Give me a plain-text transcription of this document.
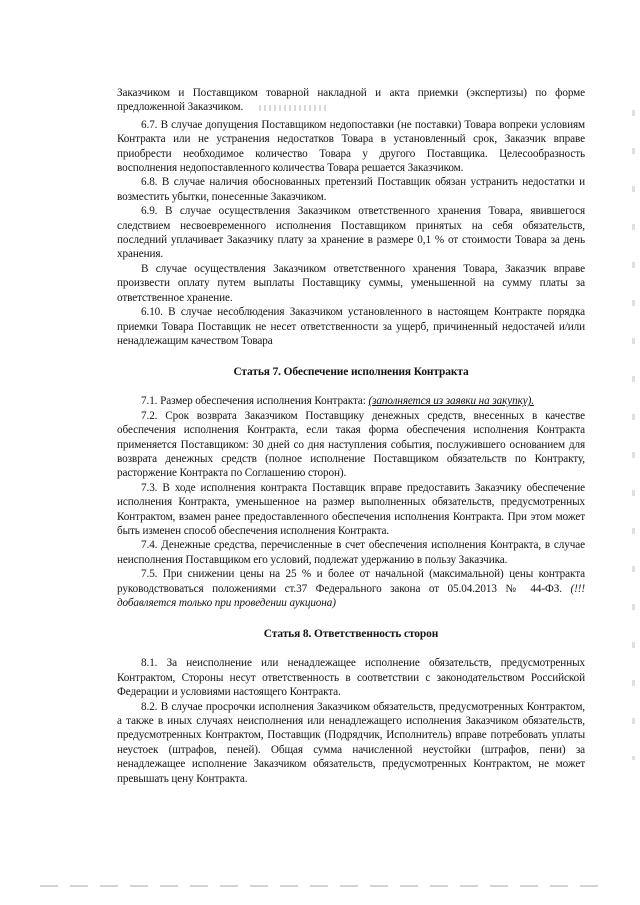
Заказчиком и Поставщиком товарной накладной и акта приемки (экспертизы) по форме предложенной Заказчиком.

6.7. В случае допущения Поставщиком недопоставки (не поставки) Товара вопреки условиям Контракта или не устранения недостатков Товара в установленный срок, Заказчик вправе приобрести необходимое количество Товара у другого Поставщика. Целесообразность восполнения недопоставленного количества Товара решается Заказчиком.

6.8. В случае наличия обоснованных претензий Поставщик обязан устранить недостатки и возместить убытки, понесенные Заказчиком.

6.9. В случае осуществления Заказчиком ответственного хранения Товара, явившегося следствием несвоевременного исполнения Поставщиком принятых на себя обязательств, последний уплачивает Заказчику плату за хранение в размере 0,1 % от стоимости Товара за день хранения.

В случае осуществления Заказчиком ответственного хранения Товара, Заказчик вправе произвести оплату путем выплаты Поставщику суммы, уменьшенной на сумму платы за ответственное хранение.

6.10. В случае несоблюдения Заказчиком установленного в настоящем Контракте порядка приемки Товара Поставщик не несет ответственности за ущерб, причиненный недостачей и/или ненадлежащим качеством Товара

Статья 7. Обеспечение исполнения Контракта

7.1. Размер обеспечения исполнения Контракта: (заполняется из заявки на закупку).

7.2. Срок возврата Заказчиком Поставщику денежных средств, внесенных в качестве обеспечения исполнения Контракта, если такая форма обеспечения исполнения Контракта применяется Поставщиком: 30 дней со дня наступления события, послужившего основанием для возврата денежных средств (полное исполнение Поставщиком обязательств по Контракту, расторжение Контракта по Соглашению сторон).

7.3. В ходе исполнения контракта Поставщик вправе предоставить Заказчику обеспечение исполнения Контракта, уменьшенное на размер выполненных обязательств, предусмотренных Контрактом, взамен ранее предоставленного обеспечения исполнения Контракта. При этом может быть изменен способ обеспечения исполнения Контракта.

7.4. Денежные средства, перечисленные в счет обеспечения исполнения Контракта, в случае неисполнения Поставщиком его условий, подлежат удержанию в пользу Заказчика.

7.5. При снижении цены на 25 % и более от начальной (максимальной) цены контракта руководствоваться положениями ст.37 Федерального закона от 05.04.2013 № 44-ФЗ. (!!!добавляется только при проведении аукциона)

Статья 8. Ответственность сторон

8.1. За неисполнение или ненадлежащее исполнение обязательств, предусмотренных Контрактом, Стороны несут ответственность в соответствии с законодательством Российской Федерации и условиями настоящего Контракта.

8.2. В случае просрочки исполнения Заказчиком обязательств, предусмотренных Контрактом, а также в иных случаях неисполнения или ненадлежащего исполнения Заказчиком обязательств, предусмотренных Контрактом, Поставщик (Подрядчик, Исполнитель) вправе потребовать уплаты неустоек (штрафов, пеней). Общая сумма начисленной неустойки (штрафов, пени) за ненадлежащее исполнение Заказчиком обязательств, предусмотренных Контрактом, не может превышать цену Контракта.
